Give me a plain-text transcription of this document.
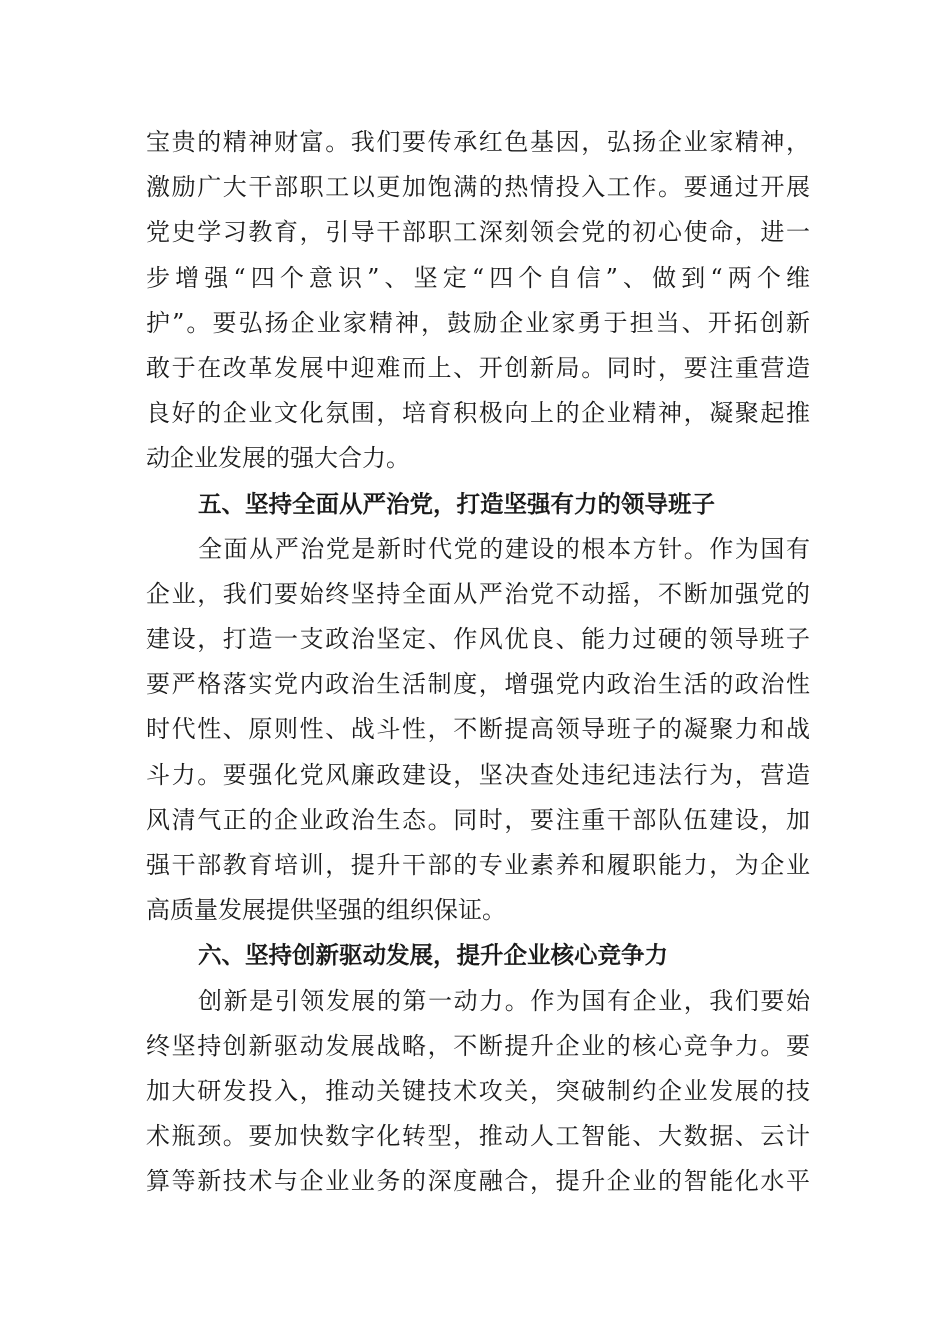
宝贵的精神财富。我们要传承红色基因，弘扬企业家精神，
激励广大干部职工以更加饱满的热情投入工作。要通过开展
党史学习教育，引导干部职工深刻领会党的初心使命，进一
步增强“四个意识”、坚定“四个自信”、做到“两个维
护”。要弘扬企业家精神，鼓励企业家勇于担当、开拓创新
敢于在改革发展中迎难而上、开创新局。同时，要注重营造
良好的企业文化氛围，培育积极向上的企业精神，凝聚起推
动企业发展的强大合力。
五、坚持全面从严治党，打造坚强有力的领导班子
全面从严治党是新时代党的建设的根本方针。作为国有
企业，我们要始终坚持全面从严治党不动摇，不断加强党的
建设，打造一支政治坚定、作风优良、能力过硬的领导班子
要严格落实党内政治生活制度，增强党内政治生活的政治性
时代性、原则性、战斗性，不断提高领导班子的凝聚力和战
斗力。要强化党风廉政建设，坚决查处违纪违法行为，营造
风清气正的企业政治生态。同时，要注重干部队伍建设，加
强干部教育培训，提升干部的专业素养和履职能力，为企业
高质量发展提供坚强的组织保证。
六、坚持创新驱动发展，提升企业核心竞争力
创新是引领发展的第一动力。作为国有企业，我们要始
终坚持创新驱动发展战略，不断提升企业的核心竞争力。要
加大研发投入，推动关键技术攻关，突破制约企业发展的技
术瓶颈。要加快数字化转型，推动人工智能、大数据、云计
算等新技术与企业业务的深度融合，提升企业的智能化水平
